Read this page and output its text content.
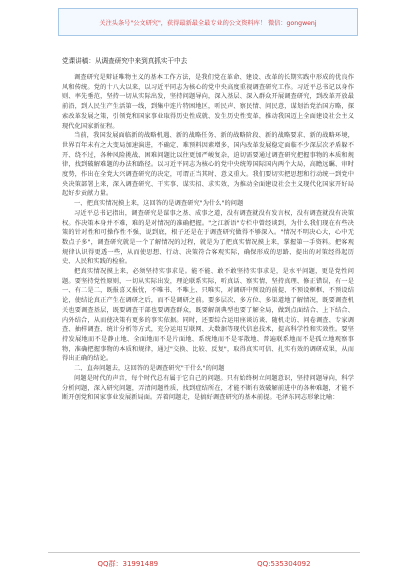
关注头条号"公文研究"，获得最新最全最专业的公文资料库！ 微信：gongwenj
党课讲稿：从调查研究中来到真抓实干中去

调查研究是辩证唯物主义的基本工作方法，是我们党在革命、建设、改革的长期实践中形成的优良作风和传统。党的十八大以来，以习近平同志为核心的党中央高度重视调查研究工作。习近平总书记以身作则、率先垂范，坚持一切从实际出发，坚持问题导向，深入基层、深入群众开展调查研究，到改革开放最前沿，到人民生产生活第一线，到集中连片特困地区，听民声、察民情、问民意，谋划治党治国方略，探索改革发展之策，引领党和国家事业取得历史性成就、发生历史性变革，推动我国迈上全面建设社会主义现代化国家新征程。

当前，我国发展面临新的战略机遇、新的战略任务、新的战略阶段、新的战略要求、新的战略环境，世界百年未有之大变局加速演进，不确定、难预料因素增多，国内改革发展稳定面临不少深层次矛盾躲不开、绕不过，各种风险挑战、困难问题比以往更加严峻复杂，迫切需要通过调查研究把握事物的本质和规律，找到破解难题的办法和路径。以习近平同志为核心的党中央统筹国际国内两个大局，高瞻远瞩、审时度势，作出在全党大兴调查研究的决定，可谓正当其时、意义重大。我们要切实把思想和行动统一到党中央决策部署上来，深入调查研究、干实事、谋实招、求实效，为推动全面建设社会主义现代化国家开好局起好步贡献力量。

一、把真实情况摸上来，这回答的是调查研究"为什么"的问题

习近平总书记指出，调查研究是谋事之基、成事之道，没有调查就没有发言权，没有调查就没有决策权。作决策本身并不难，难的是对情况的准确把握。"之江新语"专栏中曾经谈到，为什么我们现在有些决策的针对性和可操作性不强，说到底，根子还是在于调查研究做得不够深入。"情况不明决心大，心中无数点子多"，调查研究就是一个了解情况的过程，就是为了把真实情况摸上来，掌握第一手资料。把客观规律认识得更透一些，从而使思想、行动、决策符合客观实际，确保形成的思路、提出的对策经得起历史、人民和实践的检验。

把真实情况摸上来，必须坚持实事求是。能不能、敢不敢坚持实事求是，是水平问题，更是党性问题。要坚持党性原则，一切从实际出发，理论联系实际，听真话、察实情，坚持真理、修正错误，有一是一、有二是二，既报喜又报忧，不唯书、不唯上、只唯实，对调研中预设的前提、不预设框框、不预设结论，使结论真正产生在调研之后，而不是调研之前。要多层次、多方位、多渠道地了解情况，既要调查机关也要调查基层，既要调查干部也要调查群众，既要解剖典型也要了解全局，做到点面结合、上下结合、内外结合，从而使决策有更多的事实依据。同时，还要综合运用座谈访谈、随机走访、问卷调查、专家调查、抽样调查、统计分析等方式，充分运用互联网、大数据等现代信息技术，提高科学性和实效性。要坚持发展地而不是静止地、全面地而不是片面地、系统地而不是零散地、普遍联系地而不是孤立地观察事物，准确把握事物的本质和规律，通过"交换、比较、反复"，取得真实可信、扎实有效的调研成果，从而得出正确的结论。

二、直奔问题去，这回答的是调查研究"干什么"的问题

问题是时代的声音，每个时代总有属于它自己的问题。只有始终树立问题意识，坚持问题导向，科学分析问题，深入研究问题，弄清问题性质，找到症结所在，才能不断有效破解前进中的各种难题，才能不断开创党和国家事业发展新局面。弄着问题走，是搞好调查研究的基本前提。毛泽东同志形象比喻：

QQ群：31991489	QQ:535304092
